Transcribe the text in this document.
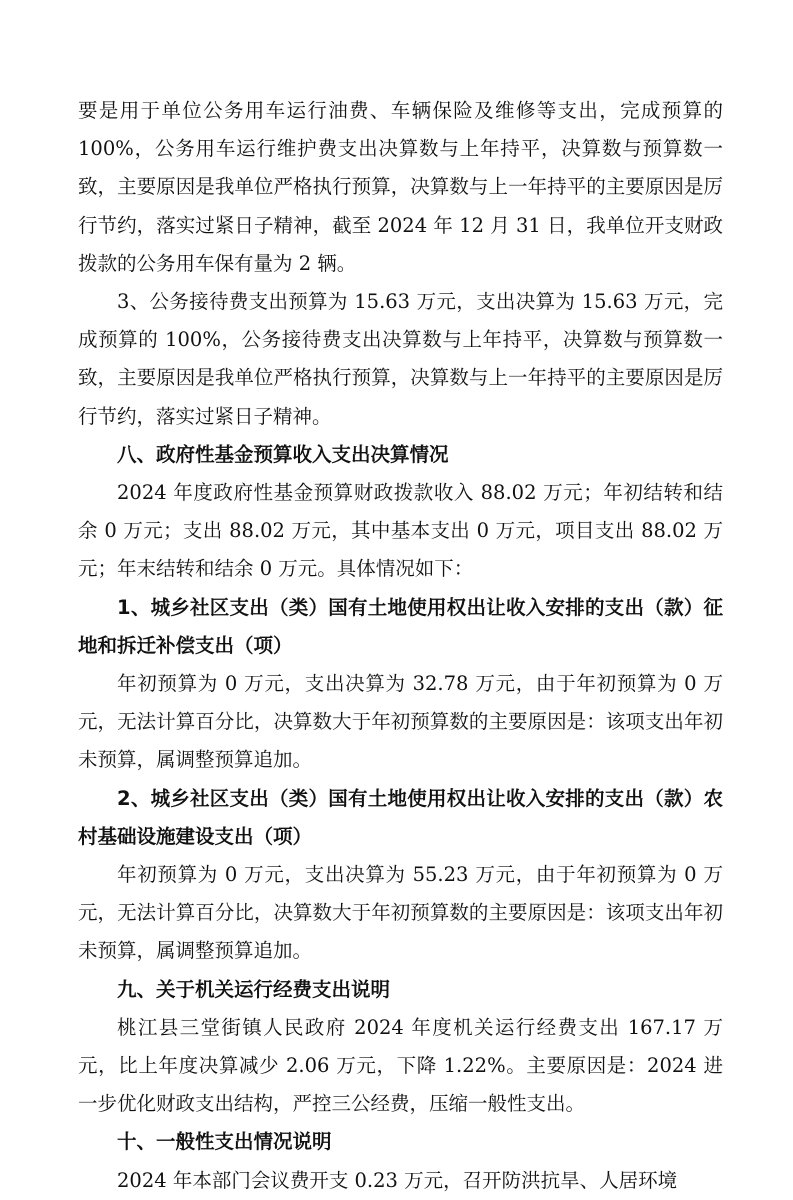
要是用于单位公务用车运行油费、车辆保险及维修等支出，完成预算的 100%，公务用车运行维护费支出决算数与上年持平，决算数与预算数一致，主要原因是我单位严格执行预算，决算数与上一年持平的主要原因是厉行节约，落实过紧日子精神，截至 2024 年 12 月 31 日，我单位开支财政拨款的公务用车保有量为 2 辆。

3、公务接待费支出预算为 15.63 万元，支出决算为 15.63 万元，完成预算的 100%，公务接待费支出决算数与上年持平，决算数与预算数一致，主要原因是我单位严格执行预算，决算数与上一年持平的主要原因是厉行节约，落实过紧日子精神。

八、政府性基金预算收入支出决算情况

2024 年度政府性基金预算财政拨款收入 88.02 万元；年初结转和结余 0 万元；支出 88.02 万元，其中基本支出 0 万元，项目支出 88.02 万元；年末结转和结余 0 万元。具体情况如下：

1、城乡社区支出（类）国有土地使用权出让收入安排的支出（款）征地和拆迁补偿支出（项）

年初预算为 0 万元，支出决算为 32.78 万元，由于年初预算为 0 万元，无法计算百分比，决算数大于年初预算数的主要原因是：该项支出年初未预算，属调整预算追加。

2、城乡社区支出（类）国有土地使用权出让收入安排的支出（款）农村基础设施建设支出（项）

年初预算为 0 万元，支出决算为 55.23 万元，由于年初预算为 0 万元，无法计算百分比，决算数大于年初预算数的主要原因是：该项支出年初未预算，属调整预算追加。

九、关于机关运行经费支出说明

桃江县三堂街镇人民政府 2024 年度机关运行经费支出 167.17 万元，比上年度决算减少 2.06 万元，下降 1.22%。主要原因是：2024 进一步优化财政支出结构，严控三公经费，压缩一般性支出。

十、一般性支出情况说明

2024 年本部门会议费开支 0.23 万元，召开防洪抗旱、人居环境
